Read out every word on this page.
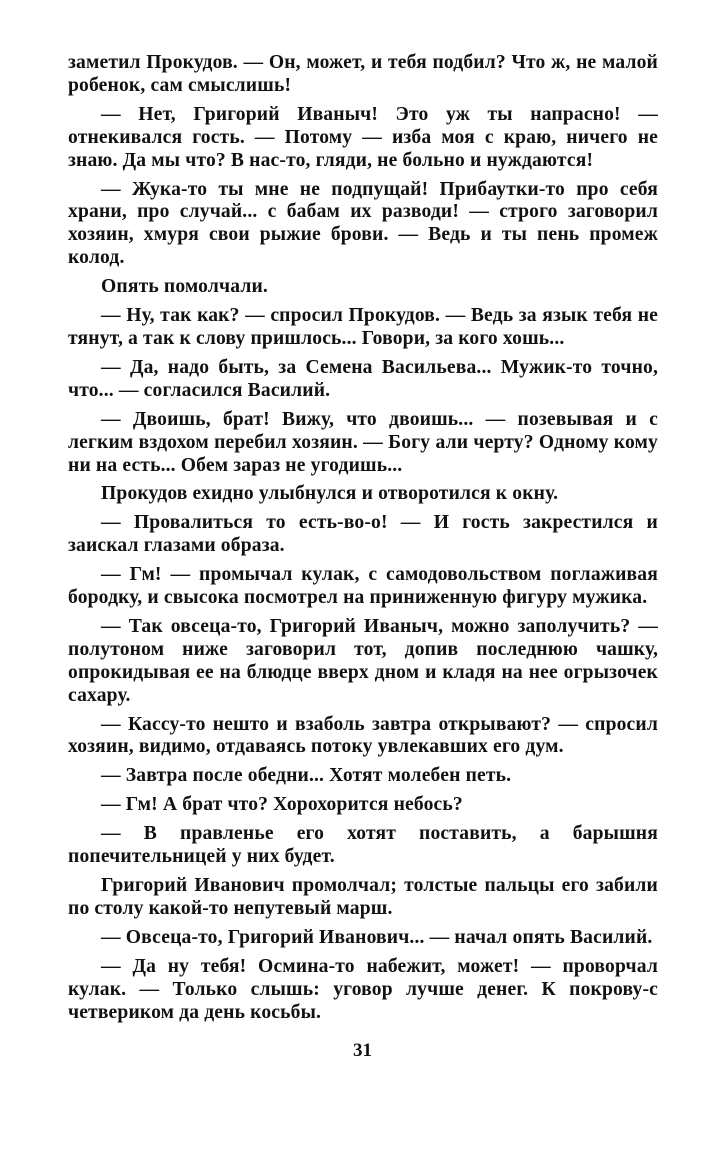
заметил Прокудов. — Он, может, и тебя подбил? Что ж, не малой робенок, сам смыслишь!

— Нет, Григорий Иваныч! Это уж ты напрасно! — отнекивался гость. — Потому — изба моя с краю, ничего не знаю. Да мы что? В нас-то, гляди, не больно и нуждаются!

— Жука-то ты мне не подпущай! Прибаутки-то про себя храни, про случай... с бабам их разводи! — строго заговорил хозяин, хмуря свои рыжие брови. — Ведь и ты пень промеж колод.

Опять помолчали.

— Ну, так как? — спросил Прокудов. — Ведь за язык тебя не тянут, а так к слову пришлось... Говори, за кого хошь...

— Да, надо быть, за Семена Васильева... Мужик-то точно, что... — согласился Василий.

— Двоишь, брат! Вижу, что двоишь... — позевывая и с легким вздохом перебил хозяин. — Богу али черту? Одному кому ни на есть... Обем зараз не угодишь...

Прокудов ехидно улыбнулся и отворотился к окну.

— Провалиться то есть-во-о! — И гость закрестился и заискал глазами образа.

— Гм! — промычал кулак, с самодовольством поглаживая бородку, и свысока посмотрел на приниженную фигуру мужика.

— Так овсеца-то, Григорий Иваныч, можно заполучить? — полутоном ниже заговорил тот, допив последнюю чашку, опрокидывая ее на блюдце вверх дном и кладя на нее огрызочек сахару.

— Кассу-то нешто и взаболь завтра открывают? — спросил хозяин, видимо, отдаваясь потоку увлекавших его дум.

— Завтра после обедни... Хотят молебен петь.

— Гм! А брат что? Хорохорится небось?

— В правленье его хотят поставить, а барышня попечительницей у них будет.

Григорий Иванович промолчал; толстые пальцы его забили по столу какой-то непутевый марш.

— Овсеца-то, Григорий Иванович... — начал опять Василий.

— Да ну тебя! Осмина-то набежит, может! — проворчал кулак. — Только слышь: уговор лучше денег. К покрову-с четвериком да день косьбы.

31
